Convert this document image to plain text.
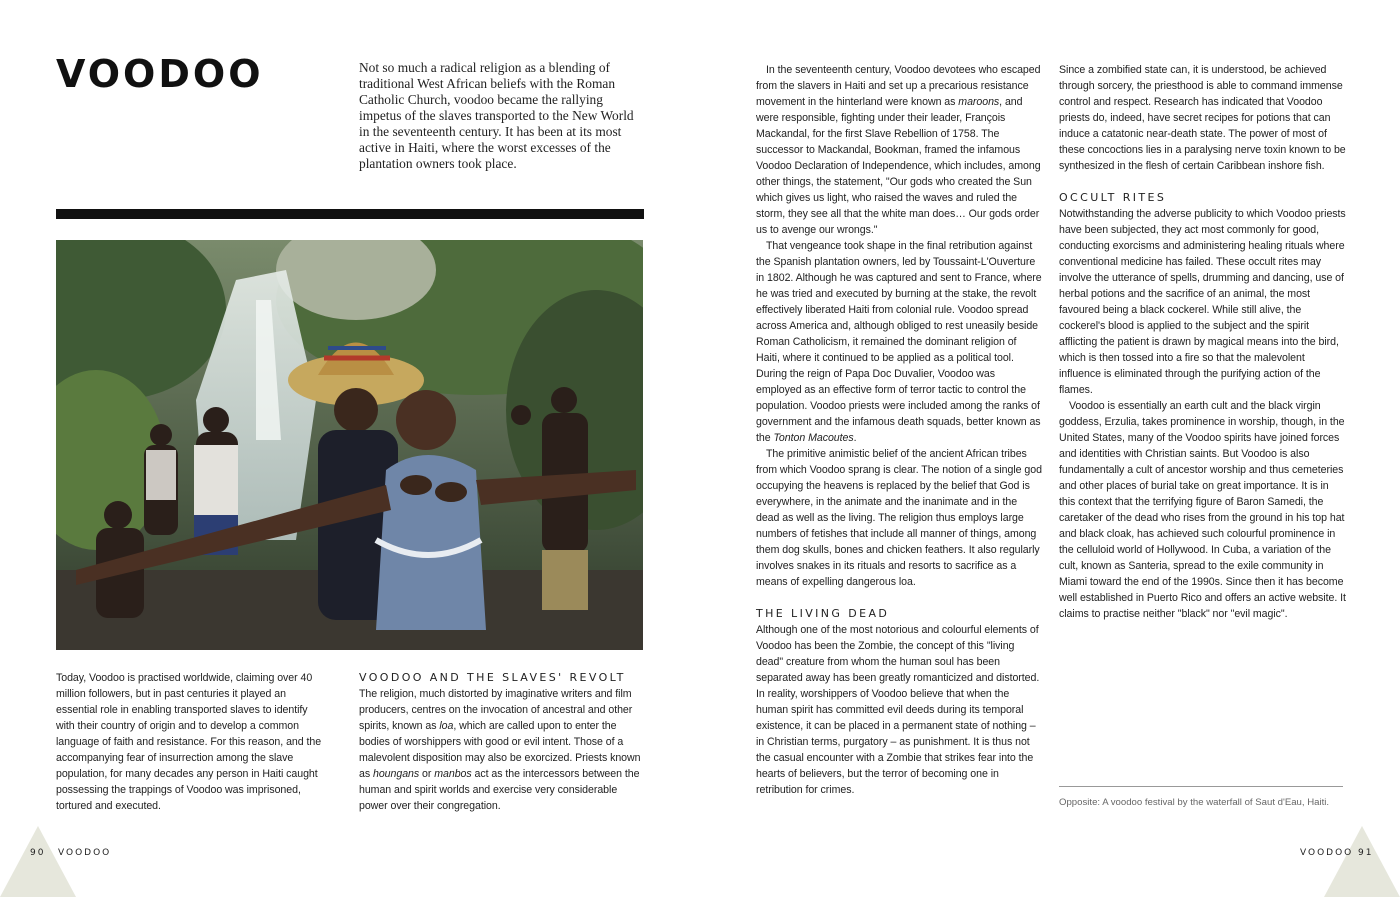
VOODOO	Not so much a radical religion as a blending of traditional West African beliefs with the Roman Catholic Church, voodoo became the rallying impetus of the slaves transported to the New World in the seventeenth century. It has been at its most active in Haiti, where the worst excesses of the plantation owners took place.

Today, Voodoo is practised worldwide, claiming over 40 million followers, but in past centuries it played an essential role in enabling transported slaves to identify with their country of origin and to develop a common language of faith and resistance. For this reason, and the accompanying fear of insurrection among the slave population, for many decades any person in Haiti caught possessing the trappings of Voodoo was imprisoned, tortured and executed.

VOODOO AND THE SLAVES' REVOLT

The religion, much distorted by imaginative writers and film producers, centres on the invocation of ancestral and other spirits, known as loa, which are called upon to enter the bodies of worshippers with good or evil intent. Those of a malevolent disposition may also be exorcized. Priests known as houngans or manbos act as the intercessors between the human and spirit worlds and exercise very considerable power over their congregation.

In the seventeenth century, Voodoo devotees who escaped from the slavers in Haiti and set up a precarious resistance movement in the hinterland were known as maroons, and were responsible, fighting under their leader, François Mackandal, for the first Slave Rebellion of 1758. The successor to Mackandal, Bookman, framed the infamous Voodoo Declaration of Independence, which includes, among other things, the statement, "Our gods who created the Sun which gives us light, who raised the waves and ruled the storm, they see all that the white man does… Our gods order us to avenge our wrongs."

That vengeance took shape in the final retribution against the Spanish plantation owners, led by Toussaint-L'Ouverture in 1802. Although he was captured and sent to France, where he was tried and executed by burning at the stake, the revolt effectively liberated Haiti from colonial rule. Voodoo spread across America and, although obliged to rest uneasily beside Roman Catholicism, it remained the dominant religion of Haiti, where it continued to be applied as a political tool. During the reign of Papa Doc Duvalier, Voodoo was employed as an effective form of terror tactic to control the population. Voodoo priests were included among the ranks of government and the infamous death squads, better known as the Tonton Macoutes.

The primitive animistic belief of the ancient African tribes from which Voodoo sprang is clear. The notion of a single god occupying the heavens is replaced by the belief that God is everywhere, in the animate and the inanimate and in the dead as well as the living. The religion thus employs large numbers of fetishes that include all manner of things, among them dog skulls, bones and chicken feathers. It also regularly involves snakes in its rituals and resorts to sacrifice as a means of expelling dangerous loa.

THE LIVING DEAD

Although one of the most notorious and colourful elements of Voodoo has been the Zombie, the concept of this "living dead" creature from whom the human soul has been separated away has been greatly romanticized and distorted. In reality, worshippers of Voodoo believe that when the human spirit has committed evil deeds during its temporal existence, it can be placed in a permanent state of nothing – in Christian terms, purgatory – as punishment. It is thus not the casual encounter with a Zombie that strikes fear into the hearts of believers, but the terror of becoming one in retribution for crimes.

Since a zombified state can, it is understood, be achieved through sorcery, the priesthood is able to command immense control and respect. Research has indicated that Voodoo priests do, indeed, have secret recipes for potions that can induce a catatonic near-death state. The power of most of these concoctions lies in a paralysing nerve toxin known to be synthesized in the flesh of certain Caribbean inshore fish.

OCCULT RITES

Notwithstanding the adverse publicity to which Voodoo priests have been subjected, they act most commonly for good, conducting exorcisms and administering healing rituals where conventional medicine has failed. These occult rites may involve the utterance of spells, drumming and dancing, use of herbal potions and the sacrifice of an animal, the most favoured being a black cockerel. While still alive, the cockerel's blood is applied to the subject and the spirit afflicting the patient is drawn by magical means into the bird, which is then tossed into a fire so that the malevolent influence is eliminated through the purifying action of the flames.

Voodoo is essentially an earth cult and the black virgin goddess, Erzulia, takes prominence in worship, though, in the United States, many of the Voodoo spirits have joined forces and identities with Christian saints. But Voodoo is also fundamentally a cult of ancestor worship and thus cemeteries and other places of burial take on great importance. It is in this context that the terrifying figure of Baron Samedi, the caretaker of the dead who rises from the ground in his top hat and black cloak, has achieved such colourful prominence in the celluloid world of Hollywood. In Cuba, a variation of the cult, known as Santeria, spread to the exile community in Miami toward the end of the 1990s. Since then it has become well established in Puerto Rico and offers an active website. It claims to practise neither "black" nor "evil magic".

Opposite: A voodoo festival by the waterfall of Saut d'Eau, Haiti.
90 VOODOO	VOODOO 91
